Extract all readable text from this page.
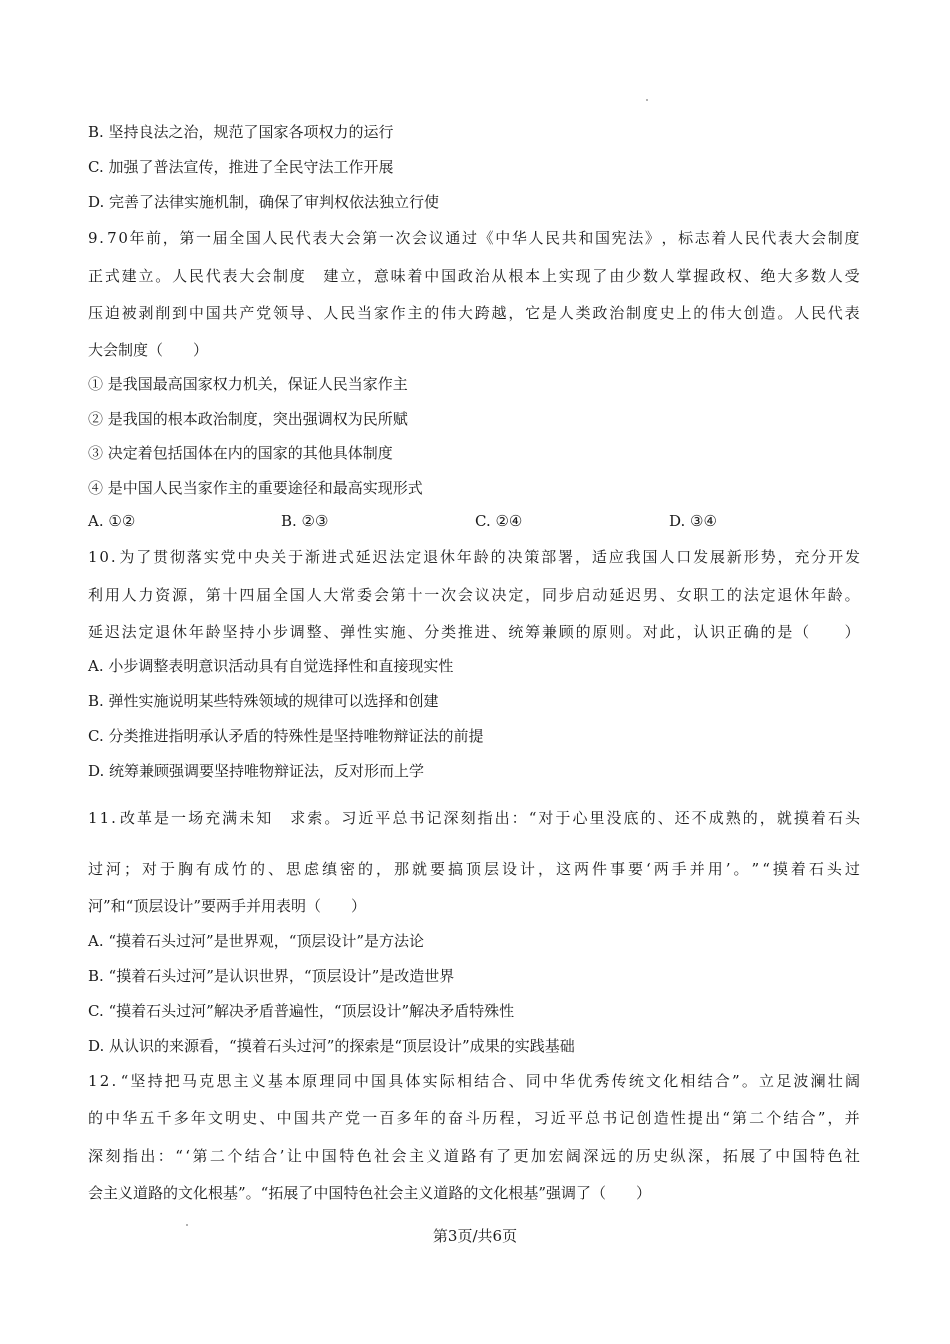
B. 坚持良法之治，规范了国家各项权力的运行
C. 加强了普法宣传，推进了全民守法工作开展
D. 完善了法律实施机制，确保了审判权依法独立行使
9 . 7 0 年 前 ， 第 一 届 全 国 人 民 代 表 大 会 第 一 次 会 议 通 过 《 中 华 人 民 共 和 国 宪 法 》 ， 标 志 着 人 民 代 表 大 会 制 度
正 式 建 立 。 人 民 代 表 大 会 制 度
　 建 立 ， 意 味 着 中 国 政 治 从 根 本 上 实 现 了 由 少 数 人 掌 握 政 权 、 绝 大 多 数 人 受
压 迫 被 剥 削 到 中 国 共 产 党 领 导 、 人 民 当 家 作 主 的 伟 大 跨 越 ， 它 是 人 类 政 治 制 度 史 上 的 伟 大 创 造 。 人 民 代 表
大会制度（　　）
① 是我国最高国家权力机关，保证人民当家作主
② 是我国的根本政治制度，突出强调权为民所赋
③ 决定着包括国体在内的国家的其他具体制度
④ 是中国人民当家作主的重要途径和最高实现形式
A. ①②	B. ②③	C. ②④	D. ③④
1 0 . 为 了 贯 彻 落 实 党 中 央 关 于 渐 进 式 延 迟 法 定 退 休 年 龄 的 决 策 部 署 ， 适 应 我 国 人 口 发 展 新 形 势 ， 充 分 开 发
利 用 人 力 资 源 ， 第 十 四 届 全 国 人 大 常 委 会 第 十 一 次 会 议 决 定 ， 同 步 启 动 延 迟 男 、 女 职 工 的 法 定 退 休 年 龄 。
延 迟 法 定 退 休 年 龄 坚 持 小 步 调 整 、 弹 性 实 施 、 分 类 推 进 、 统 筹 兼 顾 的 原 则 。 对 此 ， 认 识 正 确 的 是 （

　 ）
A. 小步调整表明意识活动具有自觉选择性和直接现实性
B. 弹性实施说明某些特殊领域的规律可以选择和创建
C. 分类推进指明承认矛盾的特殊性是坚持唯物辩证法的前提
D. 统筹兼顾强调要坚持唯物辩证法，反对形而上学
1 1 . 改 革 是 一 场 充 满 未 知
　 求 索 。 习 近 平 总 书 记 深 刻 指 出 ： “ 对 于 心 里 没 底 的 、 还 不 成 熟 的 ， 就 摸 着 石 头
过 河 ； 对 于 胸 有 成 竹 的 、 思 虑 缜 密 的 ， 那 就 要 搞 顶 层 设 计 ， 这 两 件 事 要 ‘ 两 手 并 用 ’ 。 ” “ 摸 着 石 头 过
河”和“顶层设计”要两手并用表明（　　）
A. “摸着石头过河”是世界观，“顶层设计”是方法论
B. “摸着石头过河”是认识世界，“顶层设计”是改造世界
C. “摸着石头过河”解决矛盾普遍性，“顶层设计”解决矛盾特殊性
D. 从认识的来源看，“摸着石头过河”的探索是“顶层设计”成果的实践基础
1 2 . “ 坚 持 把 马 克 思 主 义 基 本 原 理 同 中 国 具 体 实 际 相 结 合 、 同 中 华 优 秀 传 统 文 化 相 结 合 ” 。 立 足 波 澜 壮 阔
的 中 华 五 千 多 年 文 明 史 、 中 国 共 产 党 一 百 多 年 的 奋 斗 历 程 ， 习 近 平 总 书 记 创 造 性 提 出 “ 第 二 个 结 合 ” ， 并
深 刻 指 出 ： “ ‘ 第 二 个 结 合 ’ 让 中 国 特 色 社 会 主 义 道 路 有 了 更 加 宏 阔 深 远 的 历 史 纵 深 ， 拓 展 了 中 国 特 色 社
会主义道路的文化根基”。“拓展了中国特色社会主义道路的文化根基”强调了（　　）
第3页/共6页
